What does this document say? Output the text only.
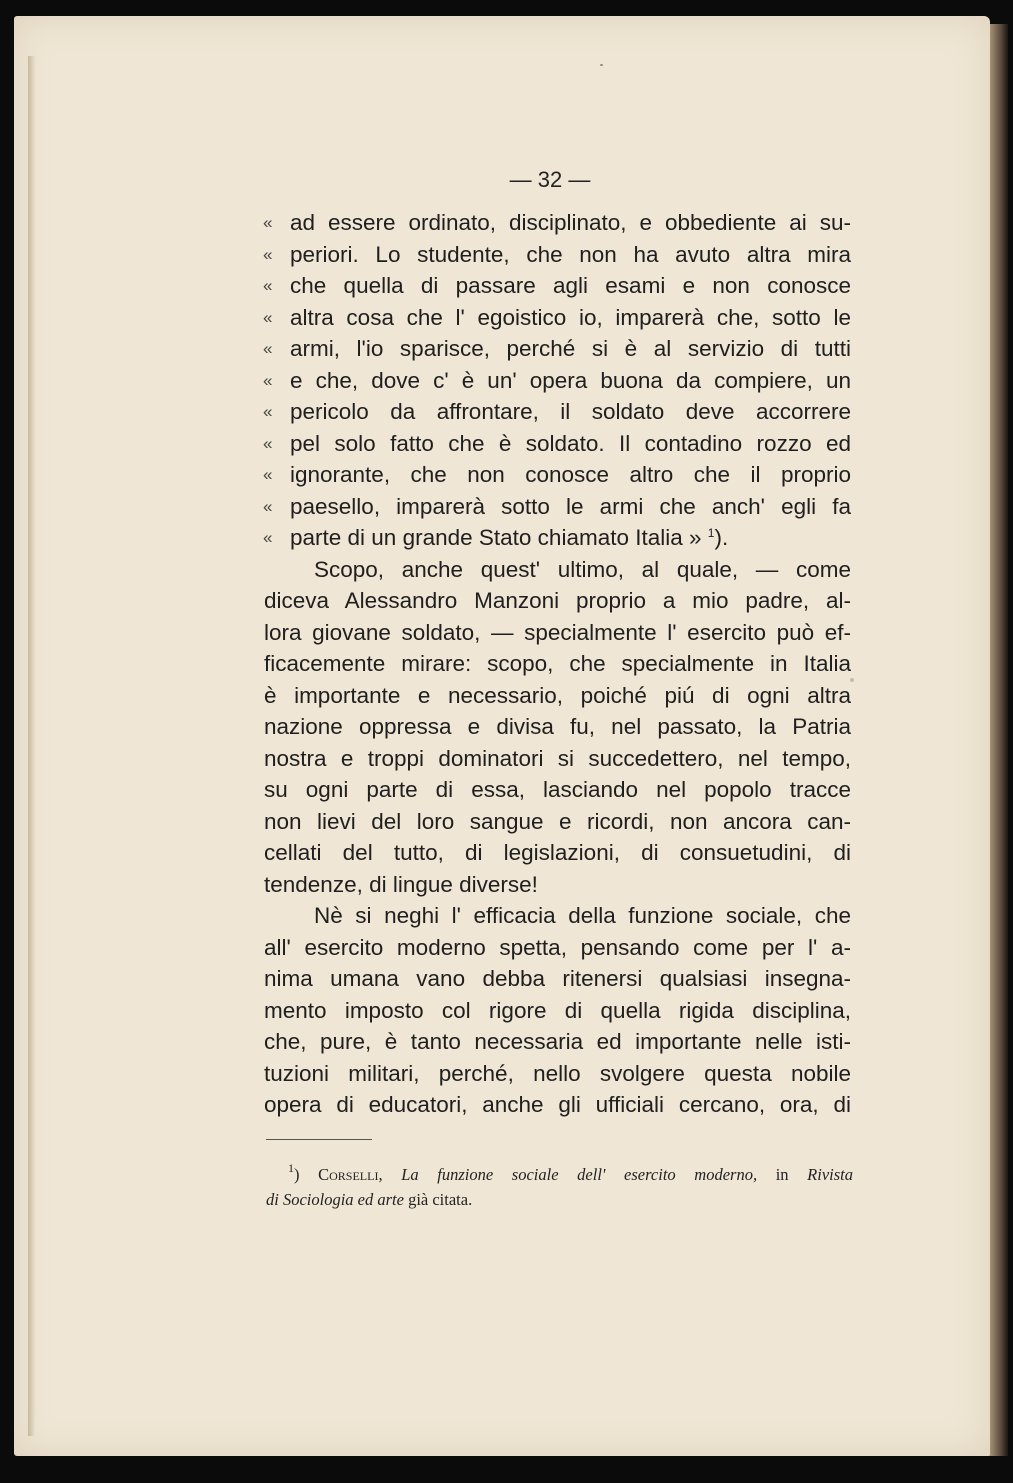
— 32 —
« ad essere ordinato, disciplinato, e obbediente ai su-
« periori. Lo studente, che non ha avuto altra mira
« che quella di passare agli esami e non conosce
« altra cosa che l' egoistico io, imparerà che, sotto le
« armi, l'io sparisce, perché si è al servizio di tutti
« e che, dove c' è un' opera buona da compiere, un
« pericolo da affrontare, il soldato deve accorrere
« pel solo fatto che è soldato. Il contadino rozzo ed
« ignorante, che non conosce altro che il proprio
« paesello, imparerà sotto le armi che anch' egli fa
« parte di un grande Stato chiamato Italia » $^1$).
Scopo, anche quest' ultimo, al quale, — come
diceva Alessandro Manzoni proprio a mio padre, al-
lora giovane soldato, — specialmente l' esercito può ef-
ficacemente mirare: scopo, che specialmente in Italia
è importante e necessario, poiché piú di ogni altra
nazione oppressa e divisa fu, nel passato, la Patria
nostra e troppi dominatori si succedettero, nel tempo,
su ogni parte di essa, lasciando nel popolo tracce
non lievi del loro sangue e ricordi, non ancora can-
cellati del tutto, di legislazioni, di consuetudini, di
tendenze, di lingue diverse!
Nè si neghi l' efficacia della funzione sociale, che
all' esercito moderno spetta, pensando come per l' a-
nima umana vano debba ritenersi qualsiasi insegna-
mento imposto col rigore di quella rigida disciplina,
che, pure, è tanto necessaria ed importante nelle isti-
tuzioni militari, perché, nello svolgere questa nobile
opera di educatori, anche gli ufficiali cercano, ora, di
$^1$) Corselli, La funzione sociale dell' esercito moderno, in Rivista
di Sociologia ed arte già citata.
